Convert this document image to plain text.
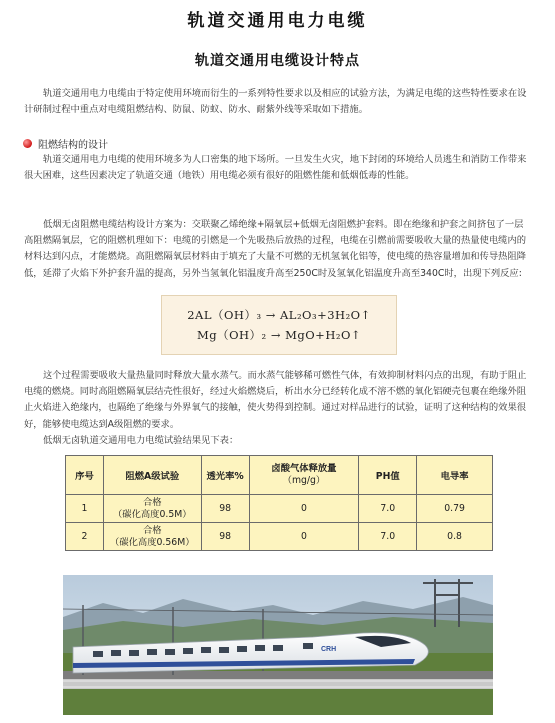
轨道交通用电力电缆
轨道交通用电缆设计特点

轨道交通用电力电缆由于特定使用环境而衍生的一系列特性要求以及相应的试验方法，为满足电缆的这些特性要求在设计研制过程中重点对电缆阻燃结构、防鼠、防蚁、防水、耐紫外线等采取如下措施。

阻燃结构的设计

轨道交通用电力电缆的使用环境多为人口密集的地下场所。一旦发生火灾，地下封闭的环境给人员逃生和消防工作带来很大困难，这些因素决定了轨道交通（地铁）用电缆必须有很好的阻燃性能和低烟低毒的性能。

低烟无卤阻燃电缆结构设计方案为：交联聚乙烯绝缘+隔氧层+低烟无卤阻燃护套料。即在绝缘和护套之间挤包了一层高阻燃隔氧层，它的阻燃机理如下：电缆的引燃是一个先吸热后放热的过程，电缆在引燃前需要吸收大量的热量使电缆内的材料达到闪点，才能燃烧。高阻燃隔氧层材料由于填充了大量不可燃的无机氢氧化铝等，使电缆的热容量增加和传导热阻降低，延滞了火焰下外护套升温的提高，另外当氢氧化铝温度升高至250C时及氢氧化铝温度升高至340C时，出现下列反应:

2AL（OH）₃ → AL₂O₃+3H₂O↑
Mg（OH）₂ → MgO+H₂O↑

这个过程需要吸收大量热量同时释放大量水蒸气。而水蒸气能够稀可燃性气体，有效抑制材料闪点的出现，有助于阻止电缆的燃烧。同时高阻燃隔氧层结壳性很好，经过火焰燃烧后，析出水分已经转化成不溶不燃的氧化铝硬壳包裹在绝缘外阻止火焰进入绝缘内，也隔绝了绝缘与外界氧气的接触，使火势得到控制。通过对样品进行的试验，证明了这种结构的效果很好，能够使电缆达到A级阻燃的要求。

低烟无卤轨道交通用电力电缆试验结果见下表：

序号	阻燃A级试验	透光率%	卤酸气体释放量
（mg/g）	PH值	电导率
1	合格
（碳化高度0.5M）	98	0	7.0	0.79
2	合格
（碳化高度0.56M）	98	0	7.0	0.8
CRH
